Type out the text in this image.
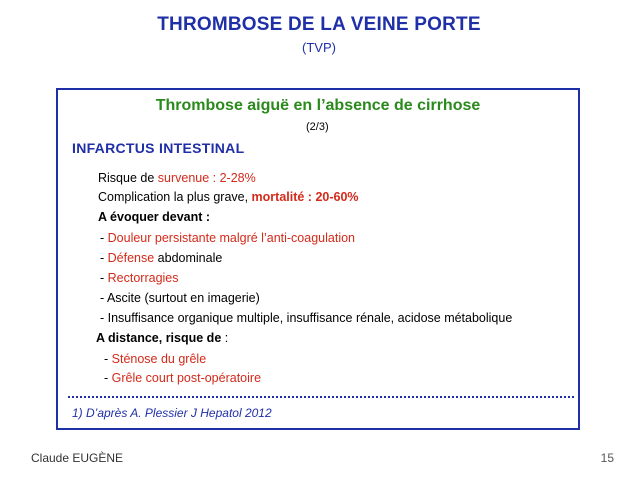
THROMBOSE DE LA VEINE PORTE
(TVP)
Thrombose aiguë en l’absence de cirrhose
(2/3)
INFARCTUS INTESTINAL
Risque de survenue : 2-28%
Complication la plus grave, mortalité : 20-60%
A évoquer devant :
- Douleur persistante malgré l’anti-coagulation
- Défense abdominale
- Rectorragies
- Ascite (surtout en imagerie)
- Insuffisance organique multiple, insuffisance rénale, acidose métabolique
A distance, risque de :
- Sténose du grêle
- Grêle court post-opératoire
1) D’après A. Plessier J Hepatol 2012
Claude EUGÈNE	15
